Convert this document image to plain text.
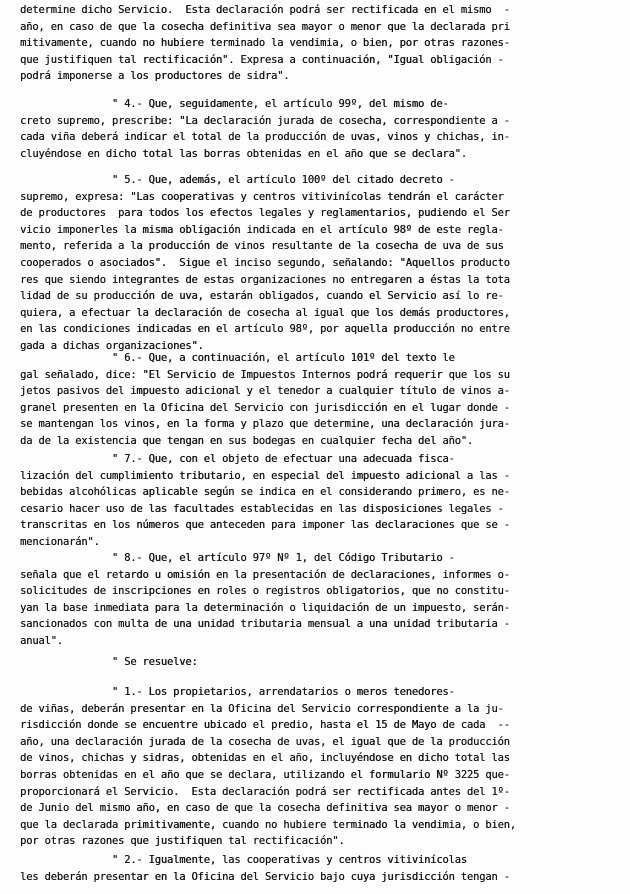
determine dicho Servicio.  Esta declaración podrá ser rectificada en el mismo  -
año, en caso de que la cosecha definitiva sea mayor o menor que la declarada pri
mitivamente, cuando no hubiere terminado la vendimia, o bien, por otras razones-
que justifiquen tal rectificación". Expresa a continuación, "Igual obligación -
podrá imponerse a los productores de sidra".
" 4.- Que, seguidamente, el artículo 99º, del mismo de-
creto supremo, prescribe: "La declaración jurada de cosecha, correspondiente a -
cada viña deberá indicar el total de la producción de uvas, vinos y chichas, in-
cluyéndose en dicho total las borras obtenidas en el año que se declara".
" 5.- Que, además, el artículo 100º del citado decreto -
supremo, expresa: "Las cooperativas y centros vitivinícolas tendrán el carácter
de productores  para todos los efectos legales y reglamentarios, pudiendo el Ser
vicio imponerles la misma obligación indicada en el artículo 98º de este regla-
mento, referida a la producción de vinos resultante de la cosecha de uva de sus
cooperados o asociados".  Sigue el inciso segundo, señalando: "Aquellos producto
res que siendo integrantes de estas organizaciones no entregaren a éstas la tota
lidad de su producción de uva, estarán obligados, cuando el Servicio así lo re-
quiera, a efectuar la declaración de cosecha al igual que los demás productores,
en las condiciones indicadas en el artículo 98º, por aquella producción no entre
gada a dichas organizaciones".
" 6.- Que, a continuación, el artículo 101º del texto le
gal señalado, dice: "El Servicio de Impuestos Internos podrá requerir que los su
jetos pasivos del impuesto adicional y el tenedor a cualquier título de vinos a-
granel presenten en la Oficina del Servicio con jurisdicción en el lugar donde -
se mantengan los vinos, en la forma y plazo que determine, una declaración jura-
da de la existencia que tengan en sus bodegas en cualquier fecha del año".
" 7.- Que, con el objeto de efectuar una adecuada fisca-
lización del cumplimiento tributario, en especial del impuesto adicional a las -
bebidas alcohólicas aplicable según se indica en el considerando primero, es ne-
cesario hacer uso de las facultades establecidas en las disposiciones legales -
transcritas en los números que anteceden para imponer las declaraciones que se -
mencionarán".
" 8.- Que, el artículo 97º Nº 1, del Código Tributario -
señala que el retardo u omisión en la presentación de declaraciones, informes o-
solicitudes de inscripciones en roles o registros obligatorios, que no constitu-
yan la base inmediata para la determinación o liquidación de un impuesto, serán-
sancionados con multa de una unidad tributaria mensual a una unidad tributaria -
anual".
" Se resuelve:
" 1.- Los propietarios, arrendatarios o meros tenedores-
de viñas, deberán presentar en la Oficina del Servicio correspondiente a la ju-
risdicción donde se encuentre ubicado el predio, hasta el 15 de Mayo de cada  --
año, una declaración jurada de la cosecha de uvas, el igual que de la producción
de vinos, chichas y sidras, obtenidas en el año, incluyéndose en dicho total las
borras obtenidas en el año que se declara, utilizando el formulario Nº 3225 que-
proporcionará el Servicio.  Esta declaración podrá ser rectificada antes del 1º-
de Junio del mismo año, en caso de que la cosecha definitiva sea mayor o menor -
que la declarada primitivamente, cuando no hubiere terminado la vendimia, o bien,
por otras razones que justifiquen tal rectificación".
" 2.- Igualmente, las cooperativas y centros vitivinícolas
les deberán presentar en la Oficina del Servicio bajo cuya jurisdicción tengan -
